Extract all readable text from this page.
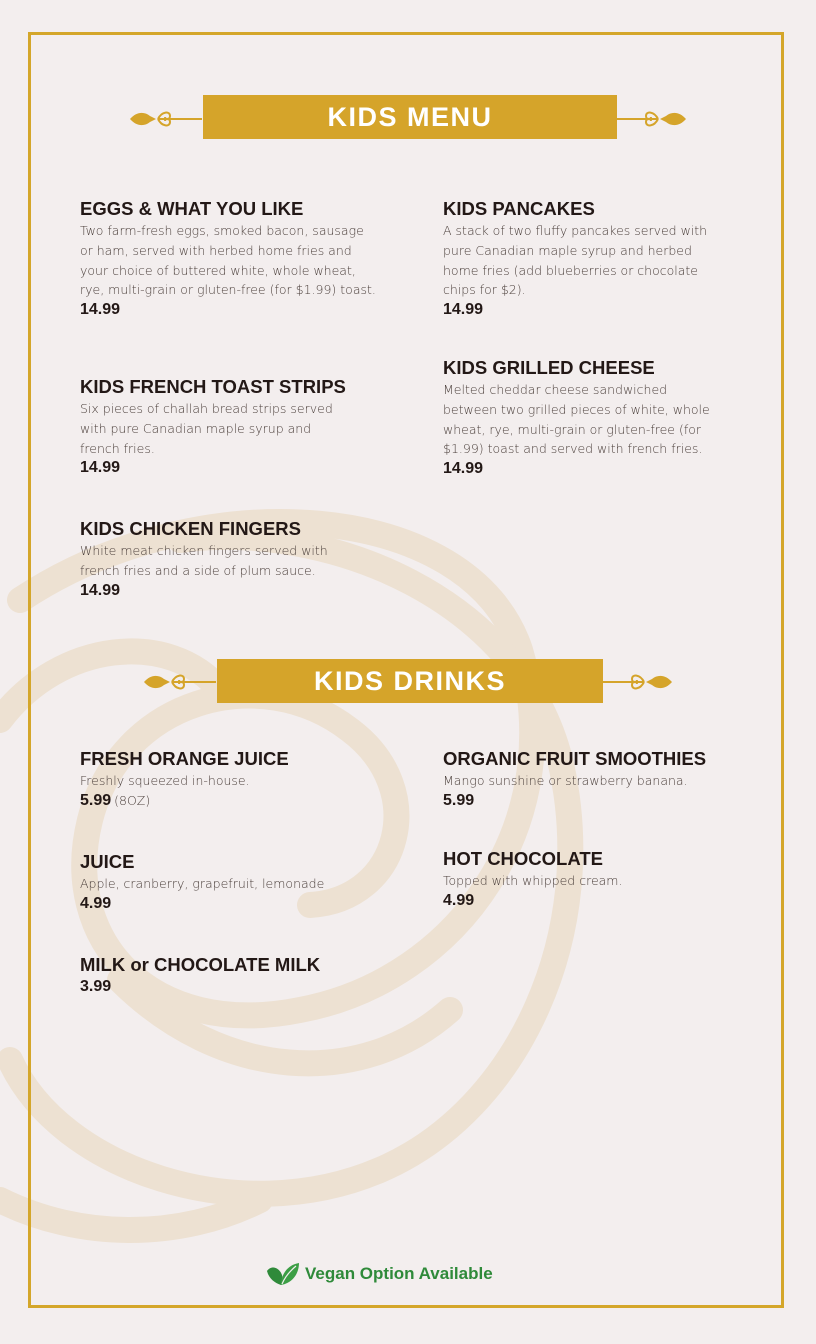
KIDS MENU
EGGS & WHAT YOU LIKE
Two farm-fresh eggs, smoked bacon, sausage or ham, served with herbed home fries and your choice of buttered white, whole wheat, rye, multi-grain or gluten-free (for $1.99) toast.
14.99
KIDS PANCAKES
A stack of two fluffy pancakes served with pure Canadian maple syrup and herbed home fries (add blueberries or chocolate chips for $2).
14.99
KIDS FRENCH TOAST STRIPS
Six pieces of challah bread strips served with pure Canadian maple syrup and french fries.
14.99
KIDS GRILLED CHEESE
Melted cheddar cheese sandwiched between two grilled pieces of white, whole wheat, rye, multi-grain or gluten-free (for $1.99) toast and served with french fries.
14.99
KIDS CHICKEN FINGERS
White meat chicken fingers served with french fries and a side of plum sauce.
14.99
KIDS DRINKS
FRESH ORANGE JUICE
Freshly squeezed in-house.
5.99 (8OZ)
ORGANIC FRUIT SMOOTHIES
Mango sunshine or strawberry banana.
5.99
JUICE
Apple, cranberry, grapefruit, lemonade
4.99
HOT CHOCOLATE
Topped with whipped cream.
4.99
MILK or CHOCOLATE MILK
3.99
Vegan Option Available
